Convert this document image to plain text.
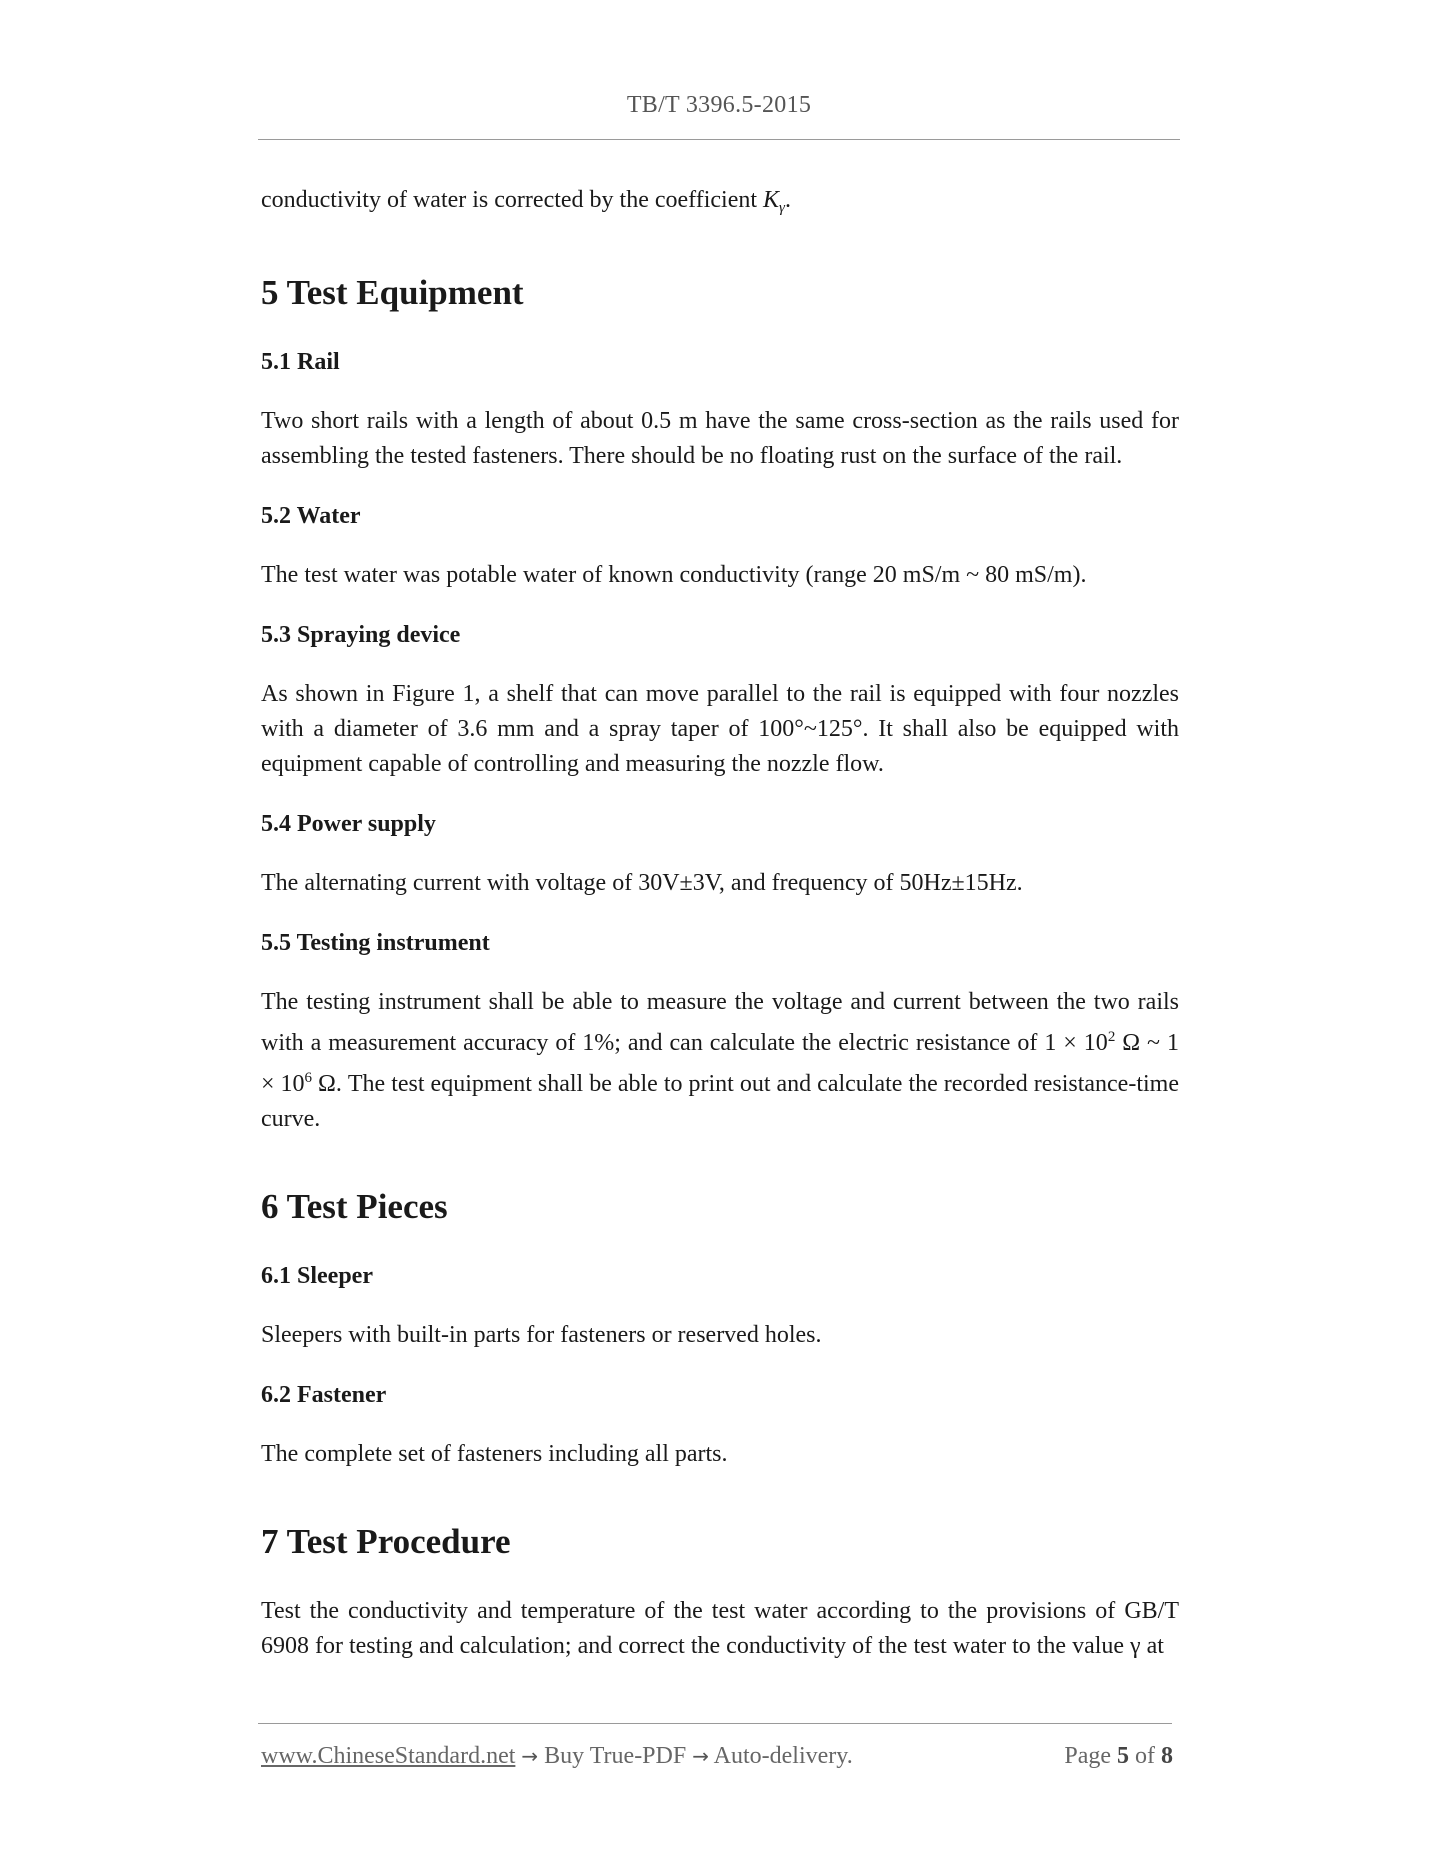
TB/T 3396.5-2015

conductivity of water is corrected by the coefficient $K_\gamma$.

5 Test Equipment
5.1 Rail

Two short rails with a length of about 0.5 m have the same cross-section as the rails used for assembling the tested fasteners. There should be no floating rust on the surface of the rail.

5.2 Water

The test water was potable water of known conductivity (range 20 mS/m ~ 80 mS/m).

5.3 Spraying device

As shown in Figure 1, a shelf that can move parallel to the rail is equipped with four nozzles with a diameter of 3.6 mm and a spray taper of 100°~125°. It shall also be equipped with equipment capable of controlling and measuring the nozzle flow.

5.4 Power supply

The alternating current with voltage of 30V±3V, and frequency of 50Hz±15Hz.

5.5 Testing instrument

The testing instrument shall be able to measure the voltage and current between the two rails with a measurement accuracy of 1%; and can calculate the electric resistance of $1 \times 10^2$ Ω ~ $1 \times 10^6$ Ω. The test equipment shall be able to print out and calculate the recorded resistance-time curve.

6 Test Pieces
6.1 Sleeper

Sleepers with built-in parts for fasteners or reserved holes.

6.2 Fastener

The complete set of fasteners including all parts.

7 Test Procedure

Test the conductivity and temperature of the test water according to the provisions of GB/T 6908 for testing and calculation; and correct the conductivity of the test water to the value γ at

www.ChineseStandard.net → Buy True-PDF → Auto-delivery.	Page 5 of 8
